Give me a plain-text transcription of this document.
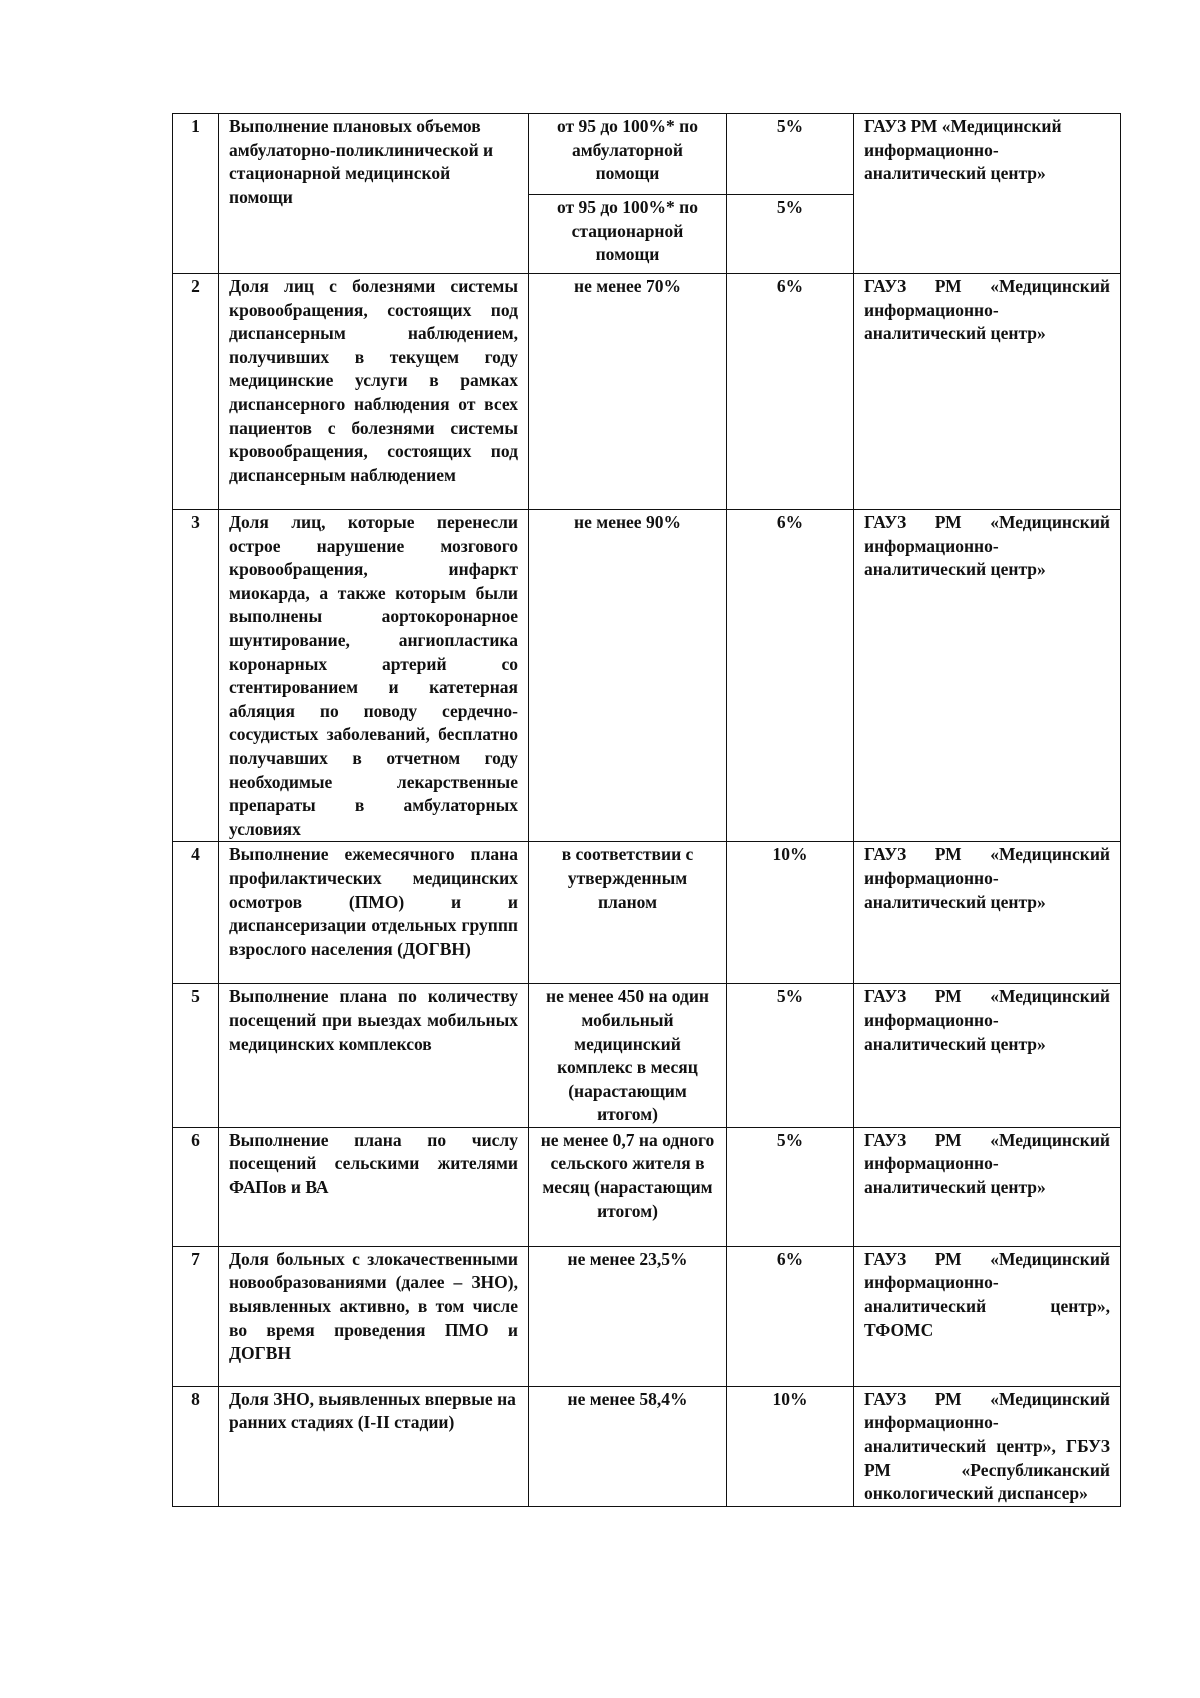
1	Выполнение плановых объемов амбулаторно-поликлинической и стационарной медицинской помощи	от 95 до 100%* по амбулаторной помощи	5%	ГАУЗ РМ «Медицинский информационно-аналитический центр»

		от 95 до 100%* по стационарной помощи	5%	
2	Доля лиц с болезнями системы кровообращения, состоящих под диспансерным наблюдением, получивших в текущем году медицинские услуги в рамках диспансерного наблюдения от всех пациентов с болезнями системы кровообращения, состоящих под диспансерным наблюдением	не менее 70%	6%	ГАУЗ РМ «Медицинский информационно-аналитический центр»

3	Доля лиц, которые перенесли острое нарушение мозгового кровообращения, инфаркт миокарда, а также которым были выполнены аортокоронарное шунтирование, ангиопластика коронарных артерий со стентированием и катетерная абляция по поводу сердечно-сосудистых заболеваний, бесплатно получавших в отчетном году необходимые лекарственные препараты в амбулаторных условиях	не менее 90%	6%	ГАУЗ РМ «Медицинский информационно-аналитический центр»

4	Выполнение ежемесячного плана профилактических медицинских осмотров (ПМО) и и диспансеризации отдельных группп взрослого населения (ДОГВН)	в соответствии с утвержденным планом	10%	ГАУЗ РМ «Медицинский информационно-аналитический центр»

5	Выполнение плана по количеству посещений при выездах мобильных медицинских комплексов	не менее 450 на один мобильный медицинский комплекс в месяц (нарастающим итогом)	5%	ГАУЗ РМ «Медицинский информационно-аналитический центр»

6	Выполнение плана по числу посещений сельскими жителями ФАПов и ВА	не менее 0,7 на одного сельского жителя в месяц (нарастающим итогом)	5%	ГАУЗ РМ «Медицинский информационно-аналитический центр»

7	Доля больных с злокачественными новообразованиями (далее – ЗНО), выявленных активно, в том числе во время проведения ПМО и ДОГВН	не менее 23,5%	6%	ГАУЗ РМ «Медицинский информационно-аналитический центр», ТФОМС

8	Доля ЗНО, выявленных впервые на ранних стадиях (I-II стадии)	не менее 58,4%	10%	ГАУЗ РМ «Медицинский информационно-аналитический центр», ГБУЗ РМ «Республиканский онкологический диспансер»
